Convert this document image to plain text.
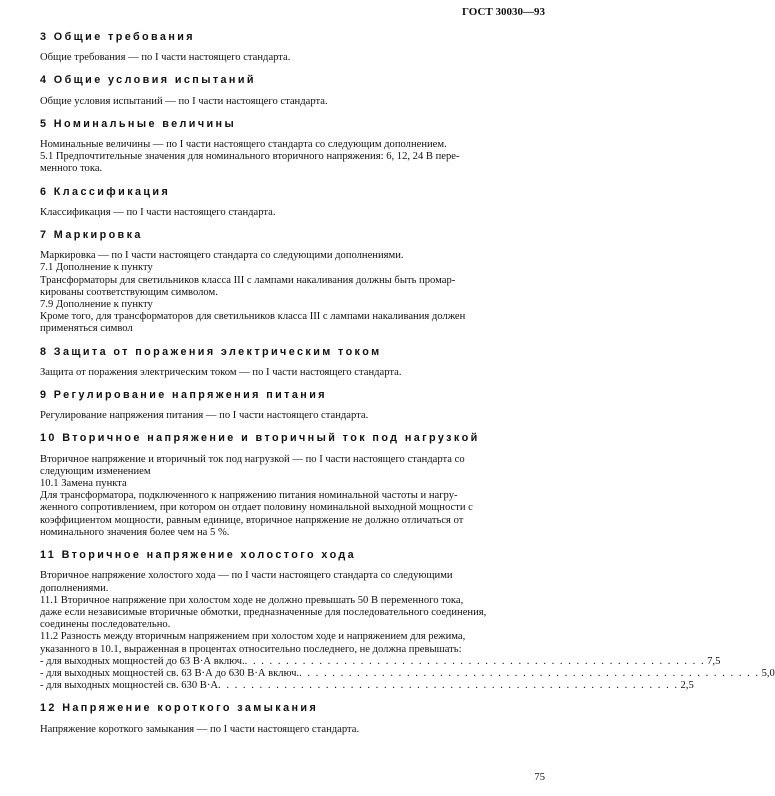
ГОСТ 30030—93
3 Общие требования

Общие требования — по I части настоящего стандарта.

4 Общие условия испытаний

Общие условия испытаний — по I части настоящего стандарта.

5 Номинальные величины

Номинальные величины — по I части настоящего стандарта со следующим дополнением.

5.1 Предпочтительные значения для номинального вторичного напряжения: 6, 12, 24 В пере-

менного тока.

6 Классификация

Классификация — по I части настоящего стандарта.

7 Маркировка

Маркировка — по I части настоящего стандарта со следующими дополнениями.

7.1 Дополнение к пункту

Трансформаторы для светильников класса III с лампами накаливания должны быть промар-

кированы соответствующим символом.

7.9 Дополнение к пункту

Кроме того, для трансформаторов для светильников класса III с лампами накаливания должен

применяться символ

8 Защита от поражения электрическим током

Защита от поражения электрическим током — по I части настоящего стандарта.

9 Регулирование напряжения питания

Регулирование напряжения питания — по I части настоящего стандарта.

10 Вторичное напряжение и вторичный ток под нагрузкой

Вторичное напряжение и вторичный ток под нагрузкой — по I части настоящего стандарта со

следующим изменением

10.1 Замена пункта

Для трансформатора, подключенного к напряжению питания номинальной частоты и нагру-

женного сопротивлением, при котором он отдает половину номинальной выходной мощности с

коэффициентом мощности, равным единице, вторичное напряжение не должно отличаться от

номинального значения более чем на 5 %.

11 Вторичное напряжение холостого хода

Вторичное напряжение холостого хода — по I части настоящего стандарта со следующими

дополнениями.

11.1 Вторичное напряжение при холостом ходе не должно превышать 50 В переменного тока,

даже если независимые вторичные обмотки, предназначенные для последовательного соединения,

соединены последовательно.

11.2 Разность между вторичным напряжением при холостом ходе и напряжением для режима,

указанного в 10.1, выраженная в процентах относительно последнего, не должна превышать:

- для выходных мощностей до 63 В·А включ. . . . . . . . . . . . . . . . . . . . . . . . . . . . . . . . . . . . . . . . . . . . . . . . . . . . . . . . . 7,5
- для выходных мощностей св. 63 В·А до 630 В·А включ. . . . . . . . . . . . . . . . . . . . . . . . . . . . . . . . . . . . . . . . . . . . . . . . . . . . . . . . . 5,0
- для выходных мощностей св. 630 В·А . . . . . . . . . . . . . . . . . . . . . . . . . . . . . . . . . . . . . . . . . . . . . . . . . . . . . . . . 2,5
12 Напряжение короткого замыкания

Напряжение короткого замыкания — по I части настоящего стандарта.

75
